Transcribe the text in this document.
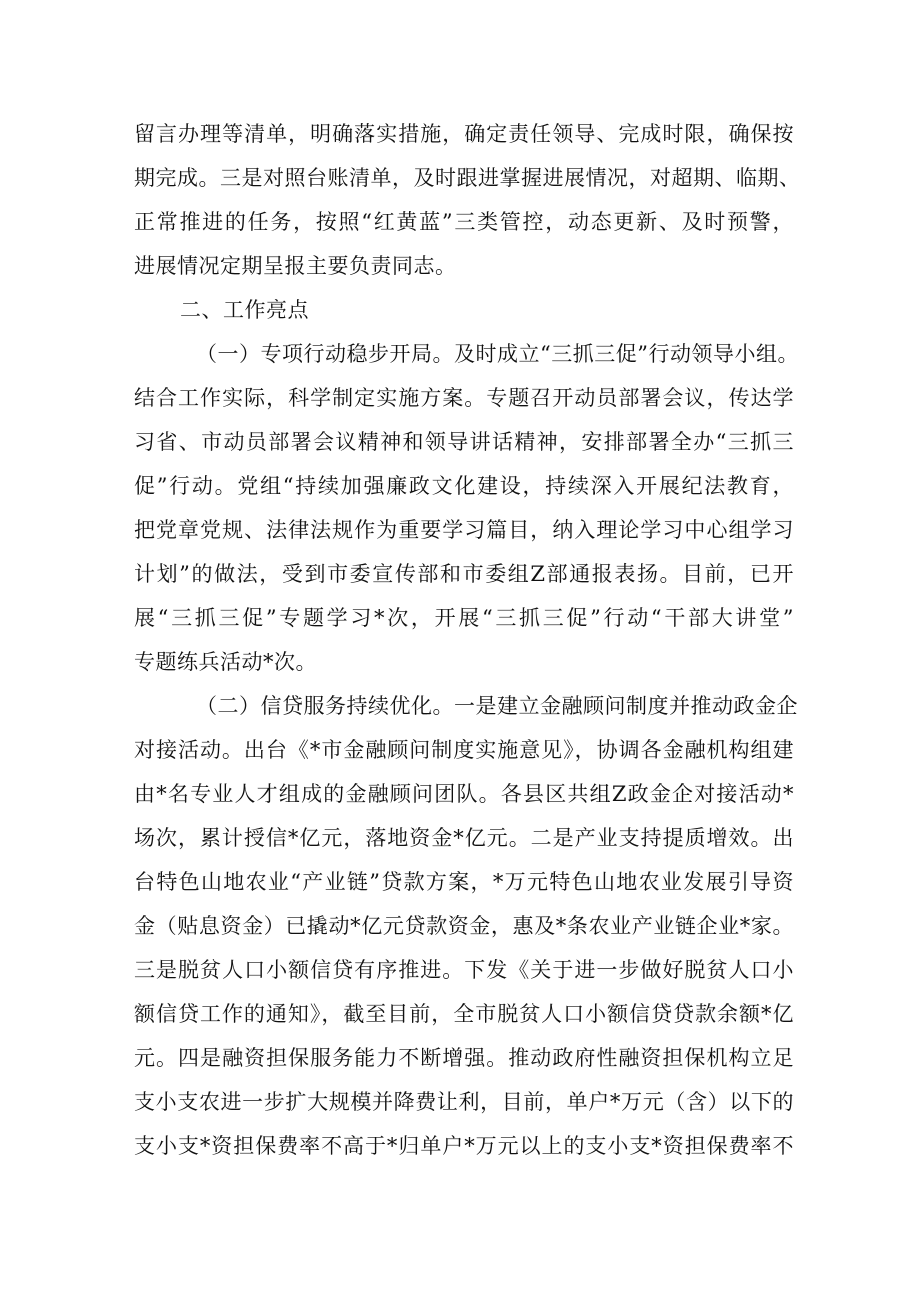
留言办理等清单，明确落实措施，确定责任领导、完成时限，确保按
期完成。三是对照台账清单，及时跟进掌握进展情况，对超期、临期、
正常推进的任务，按照“红黄蓝”三类管控，动态更新、及时预警，
进展情况定期呈报主要负责同志。
二、工作亮点
（一）专项行动稳步开局。及时成立“三抓三促”行动领导小组。
结合工作实际，科学制定实施方案。专题召开动员部署会议，传达学
习省、市动员部署会议精神和领导讲话精神，安排部署全办“三抓三
促”行动。党组“持续加强廉政文化建设，持续深入开展纪法教育，
把党章党规、法律法规作为重要学习篇目，纳入理论学习中心组学习
计划”的做法，受到市委宣传部和市委组Z部通报表扬。目前，已开
展“三抓三促”专题学习*次，开展“三抓三促”行动“干部大讲堂”
专题练兵活动*次。
（二）信贷服务持续优化。一是建立金融顾问制度并推动政金企
对接活动。出台《*市金融顾问制度实施意见》，协调各金融机构组建
由*名专业人才组成的金融顾问团队。各县区共组Z政金企对接活动*
场次，累计授信*亿元，落地资金*亿元。二是产业支持提质增效。出
台特色山地农业“产业链”贷款方案，*万元特色山地农业发展引导资
金（贴息资金）已撬动*亿元贷款资金，惠及*条农业产业链企业*家。
三是脱贫人口小额信贷有序推进。下发《关于进一步做好脱贫人口小
额信贷工作的通知》，截至目前，全市脱贫人口小额信贷贷款余额*亿
元。四是融资担保服务能力不断增强。推动政府性融资担保机构立足
支小支农进一步扩大规模并降费让利，目前，单户*万元（含）以下的
支小支*资担保费率不高于*归单户*万元以上的支小支*资担保费率不
